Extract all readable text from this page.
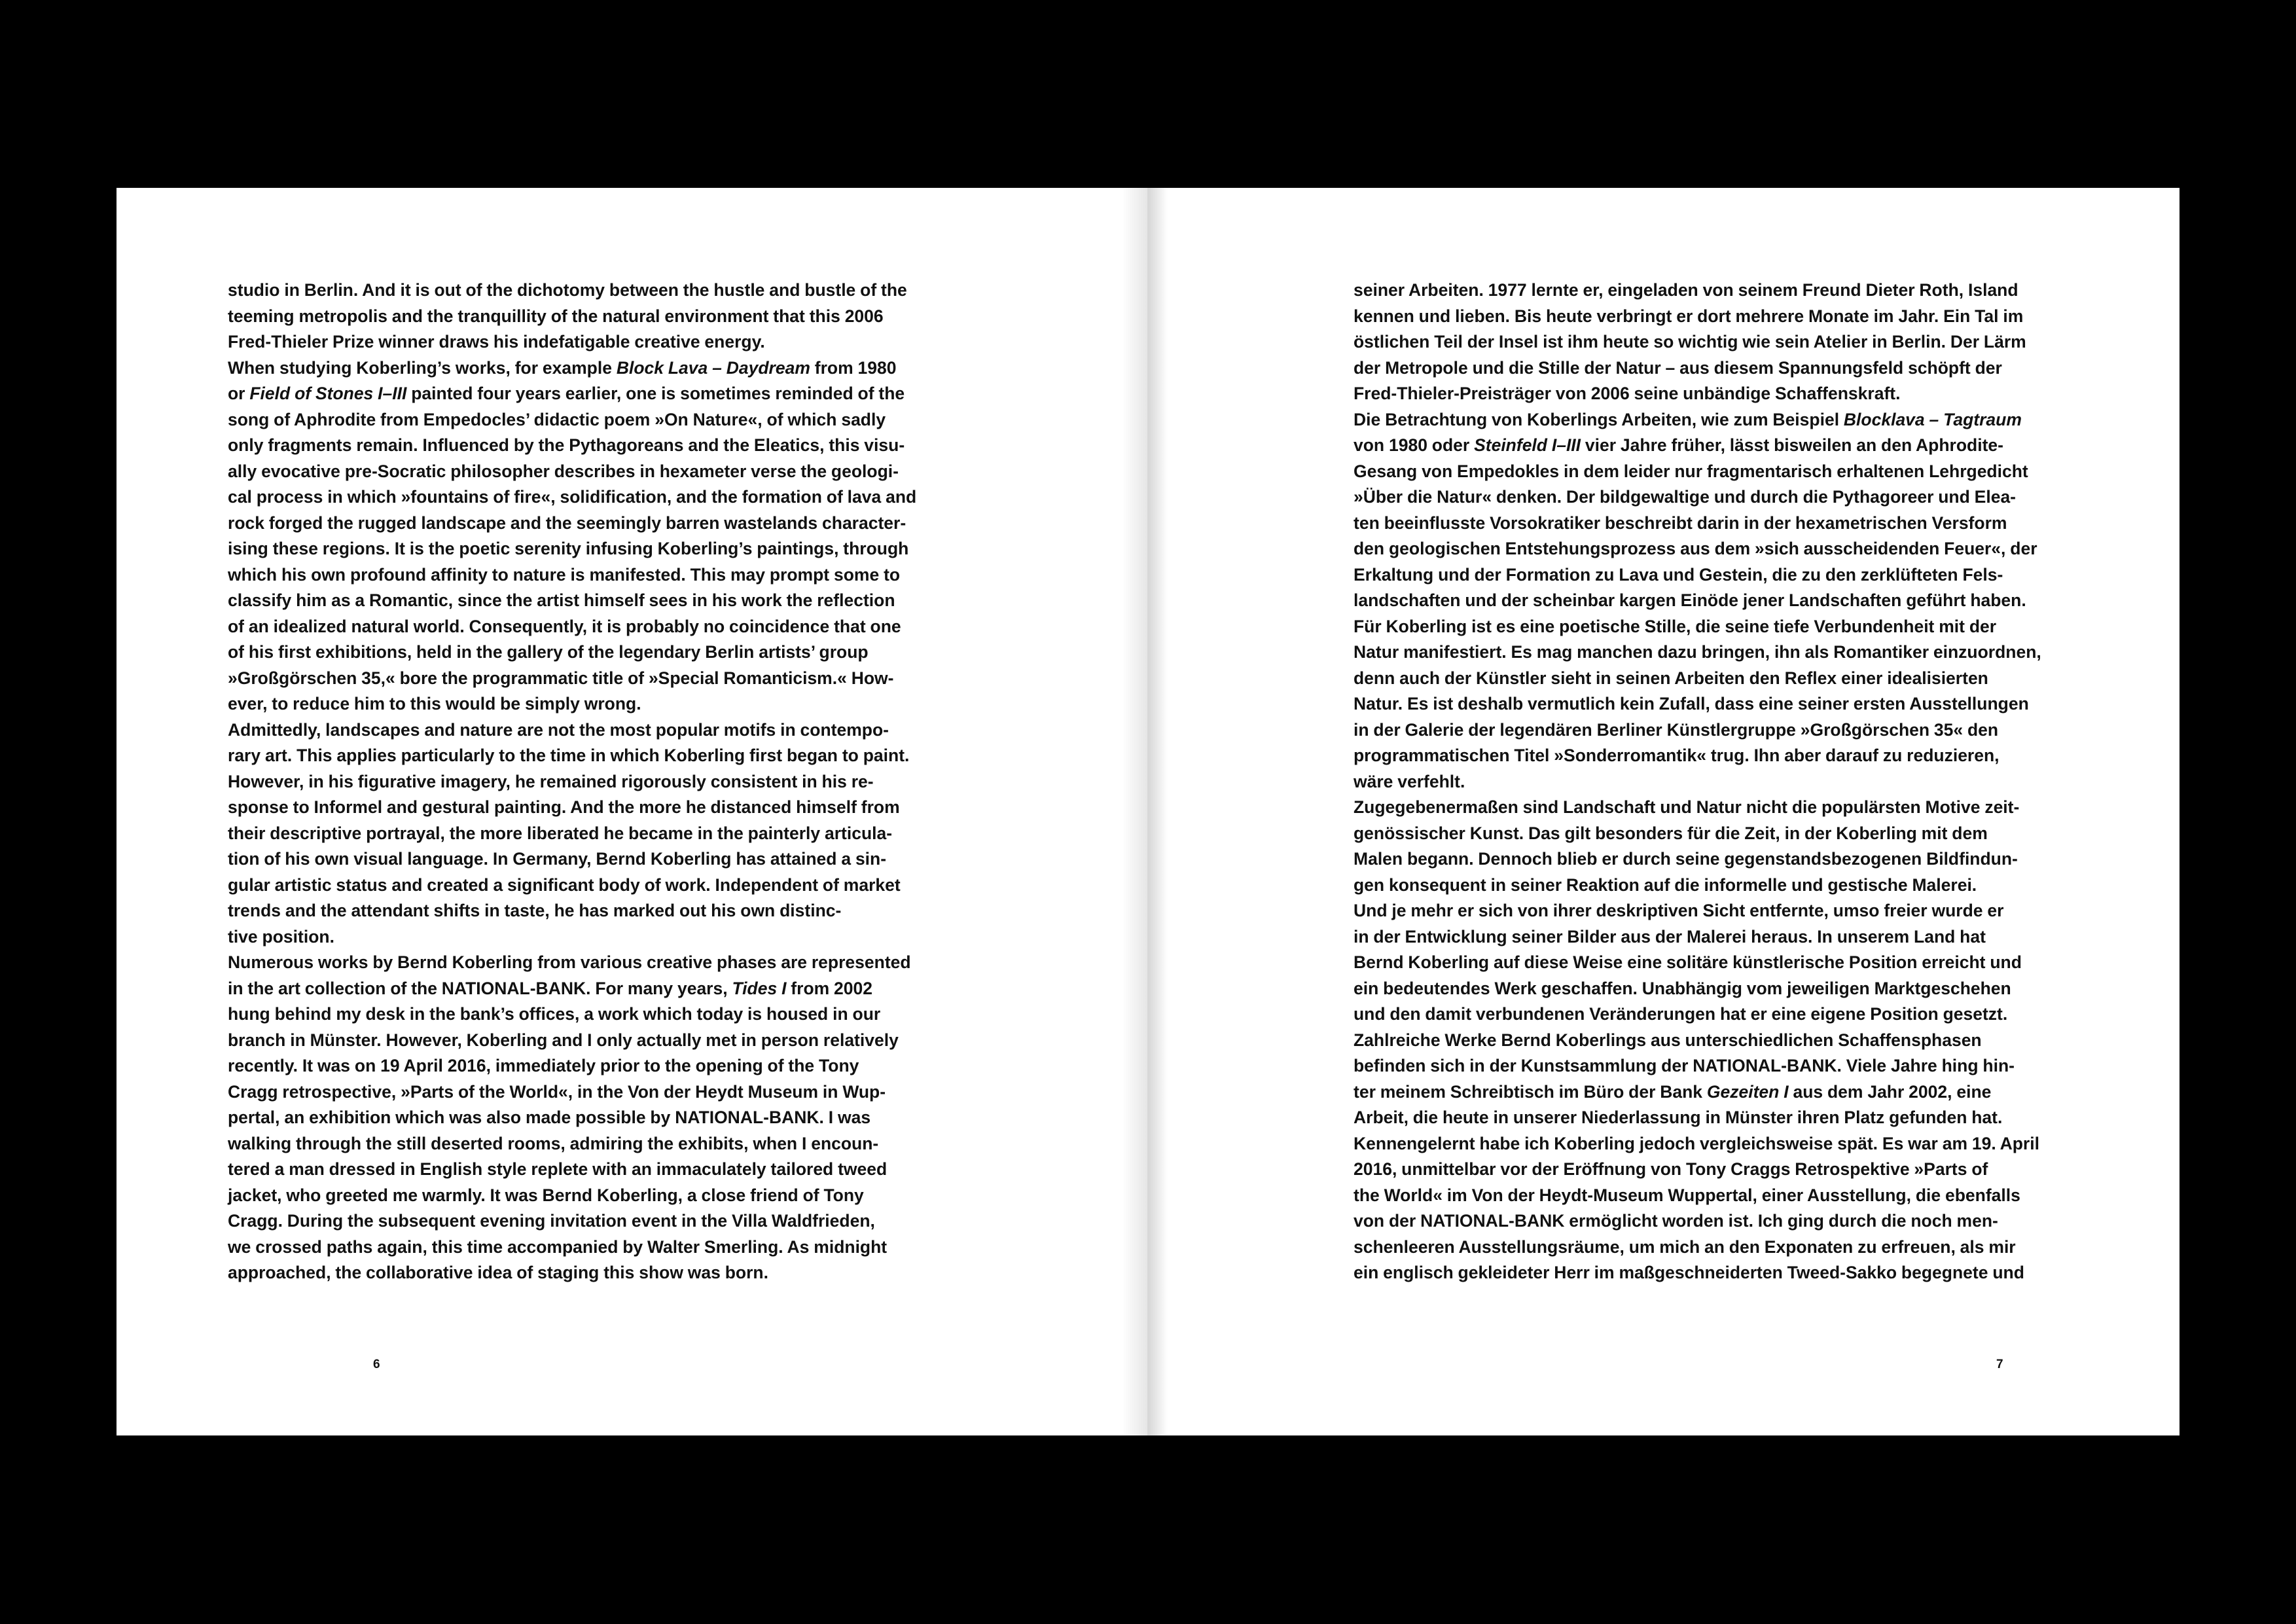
studio in Berlin. And it is out of the dichotomy between the hustle and bustle of the
teeming metropolis and the tranquillity of the natural environment that this 2006
Fred-Thieler Prize winner draws his indefatigable creative energy.
When studying Koberling’s works, for example Block Lava – Daydream from 1980
or Field of Stones I–III painted four years earlier, one is sometimes reminded of the
song of Aphrodite from Empedocles’ didactic poem »On Nature«, of which sadly
only fragments remain. Influenced by the Pythagoreans and the Eleatics, this visu-
ally evocative pre-Socratic philosopher describes in hexameter verse the geologi-
cal process in which »fountains of fire«, solidification, and the formation of lava and
rock forged the rugged landscape and the seemingly barren wastelands character-
ising these regions. It is the poetic serenity infusing Koberling’s paintings, through
which his own profound affinity to nature is manifested. This may prompt some to
classify him as a Romantic, since the artist himself sees in his work the reflection
of an idealized natural world. Consequently, it is probably no coincidence that one
of his first exhibitions, held in the gallery of the legendary Berlin artists’ group
»Großgörschen 35,« bore the programmatic title of »Special Romanticism.« How-
ever, to reduce him to this would be simply wrong.
Admittedly, landscapes and nature are not the most popular motifs in contempo-
rary art. This applies particularly to the time in which Koberling first began to paint.
However, in his figurative imagery, he remained rigorously consistent in his re-
sponse to Informel and gestural painting. And the more he distanced himself from
their descriptive portrayal, the more liberated he became in the painterly articula-
tion of his own visual language. In Germany, Bernd Koberling has attained a sin-
gular artistic status and created a significant body of work. Independent of market
trends and the attendant shifts in taste, he has marked out his own distinc-
tive position.
Numerous works by Bernd Koberling from various creative phases are represented
in the art collection of the NATIONAL-BANK. For many years, Tides I from 2002
hung behind my desk in the bank’s offices, a work which today is housed in our
branch in Münster. However, Koberling and I only actually met in person relatively
recently. It was on 19 April 2016, immediately prior to the opening of the Tony
Cragg retrospective, »Parts of the World«, in the Von der Heydt Museum in Wup-
pertal, an exhibition which was also made possible by NATIONAL-BANK. I was
walking through the still deserted rooms, admiring the exhibits, when I encoun-
tered a man dressed in English style replete with an immaculately tailored tweed
jacket, who greeted me warmly. It was Bernd Koberling, a close friend of Tony
Cragg. During the subsequent evening invitation event in the Villa Waldfrieden,
we crossed paths again, this time accompanied by Walter Smerling. As midnight
approached, the collaborative idea of staging this show was born.
6
seiner Arbeiten. 1977 lernte er, eingeladen von seinem Freund Dieter Roth, Island
kennen und lieben. Bis heute verbringt er dort mehrere Monate im Jahr. Ein Tal im
östlichen Teil der Insel ist ihm heute so wichtig wie sein Atelier in Berlin. Der Lärm
der Metropole und die Stille der Natur – aus diesem Spannungsfeld schöpft der
Fred-Thieler-Preisträger von 2006 seine unbändige Schaffenskraft.
Die Betrachtung von Koberlings Arbeiten, wie zum Beispiel Blocklava – Tagtraum
von 1980 oder Steinfeld I–III vier Jahre früher, lässt bisweilen an den Aphrodite-
Gesang von Empedokles in dem leider nur fragmentarisch erhaltenen Lehrgedicht
»Über die Natur« denken. Der bildgewaltige und durch die Pythagoreer und Elea-
ten beeinflusste Vorsokratiker beschreibt darin in der hexametrischen Versform
den geologischen Entstehungsprozess aus dem »sich ausscheidenden Feuer«, der
Erkaltung und der Formation zu Lava und Gestein, die zu den zerklüfteten Fels-
landschaften und der scheinbar kargen Einöde jener Landschaften geführt haben.
Für Koberling ist es eine poetische Stille, die seine tiefe Verbundenheit mit der
Natur manifestiert. Es mag manchen dazu bringen, ihn als Romantiker einzuordnen,
denn auch der Künstler sieht in seinen Arbeiten den Reflex einer idealisierten
Natur. Es ist deshalb vermutlich kein Zufall, dass eine seiner ersten Ausstellungen
in der Galerie der legendären Berliner Künstlergruppe »Großgörschen 35« den
programmatischen Titel »Sonderromantik« trug. Ihn aber darauf zu reduzieren,
wäre verfehlt.
Zugegebenermaßen sind Landschaft und Natur nicht die populärsten Motive zeit-
genössischer Kunst. Das gilt besonders für die Zeit, in der Koberling mit dem
Malen begann. Dennoch blieb er durch seine gegenstandsbezogenen Bildfindun-
gen konsequent in seiner Reaktion auf die informelle und gestische Malerei.
Und je mehr er sich von ihrer deskriptiven Sicht entfernte, umso freier wurde er
in der Entwicklung seiner Bilder aus der Malerei heraus. In unserem Land hat
Bernd Koberling auf diese Weise eine solitäre künstlerische Position erreicht und
ein bedeutendes Werk geschaffen. Unabhängig vom jeweiligen Marktgeschehen
und den damit verbundenen Veränderungen hat er eine eigene Position gesetzt.
Zahlreiche Werke Bernd Koberlings aus unterschiedlichen Schaffensphasen
befinden sich in der Kunstsammlung der NATIONAL-BANK. Viele Jahre hing hin-
ter meinem Schreibtisch im Büro der Bank Gezeiten I aus dem Jahr 2002, eine
Arbeit, die heute in unserer Niederlassung in Münster ihren Platz gefunden hat.
Kennengelernt habe ich Koberling jedoch vergleichsweise spät. Es war am 19. April
2016, unmittelbar vor der Eröffnung von Tony Craggs Retrospektive »Parts of
the World« im Von der Heydt-Museum Wuppertal, einer Ausstellung, die ebenfalls
von der NATIONAL-BANK ermöglicht worden ist. Ich ging durch die noch men-
schenleeren Ausstellungsräume, um mich an den Exponaten zu erfreuen, als mir
ein englisch gekleideter Herr im maßgeschneiderten Tweed-Sakko begegnete und
7
